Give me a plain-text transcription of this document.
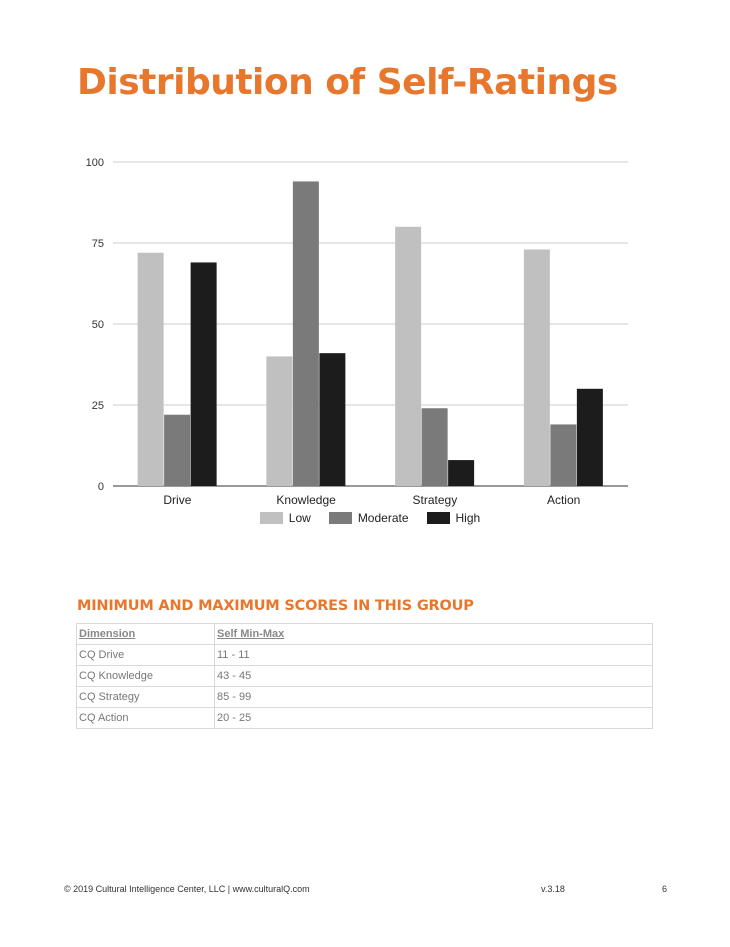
Distribution of Self-Ratings
0
25
50
75
100
Drive	Knowledge	Strategy	Action
Low	Moderate	High
MINIMUM AND MAXIMUM SCORES IN THIS GROUP
Dimension	Self Min-Max
CQ Drive	11 - 11
CQ Knowledge	43 - 45
CQ Strategy	85 - 99
CQ Action	20 - 25
© 2019 Cultural Intelligence Center, LLC | www.culturalQ.com	v.3.18	6
